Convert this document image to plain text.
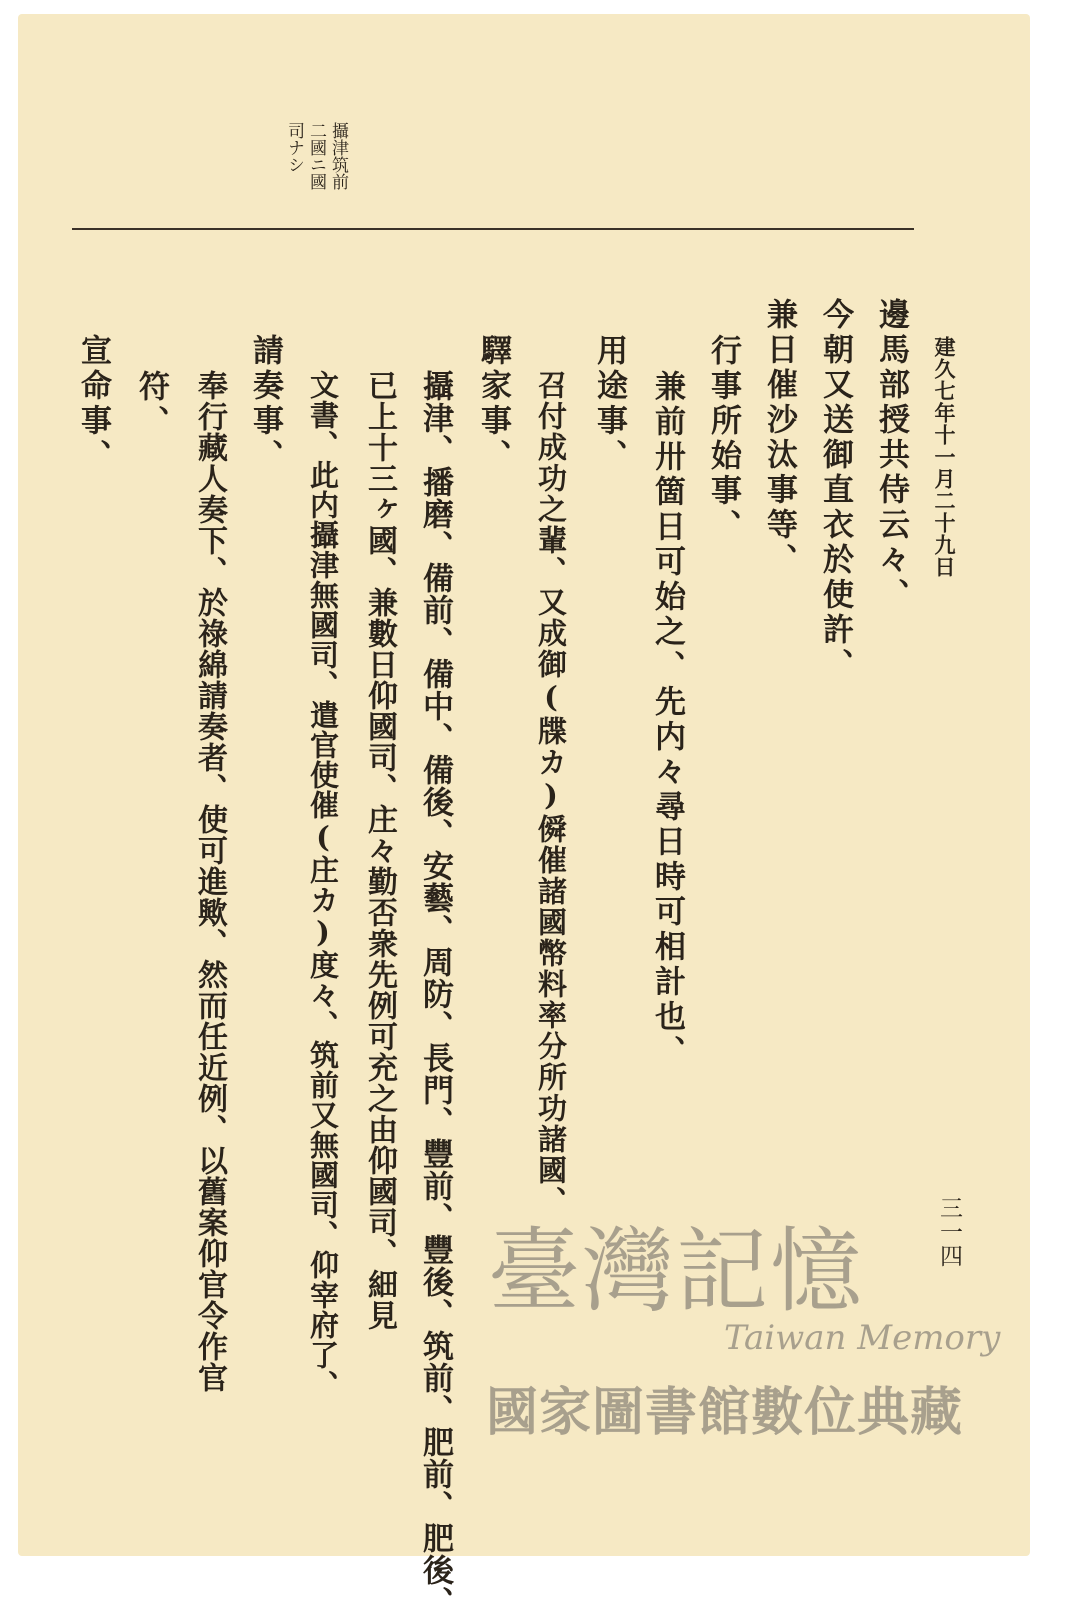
攝津筑前
二國ニ國
司ナシ
建久七年十一月二十九日
三一四
邊馬部授共侍云々、
今朝又送御直衣於使許、
兼日催沙汰事等、
行事所始事、
兼前卅箇日可始之、先内々尋日時可相計也、
用途事、
召付成功之輩、又成御(牒カ)僢催諸國幣料率分所功諸國、
驛家事、
攝津、播磨、備前、備中、備後、安藝、周防、長門、豐前、豐後、筑前、肥前、肥後、
已上十三ヶ國、兼數日仰國司、庄々勤否衆先例可充之由仰國司、細見
文書、此内攝津無國司、遣官使催(庄カ)度々、筑前又無國司、仰宰府了、
請奏事、
奉行藏人奏下、於祿綿請奏者、使可進歟、然而任近例、以舊案仰官令作官
符、
宣命事、
臺灣記憶
Taiwan Memory
國家圖書館數位典藏
